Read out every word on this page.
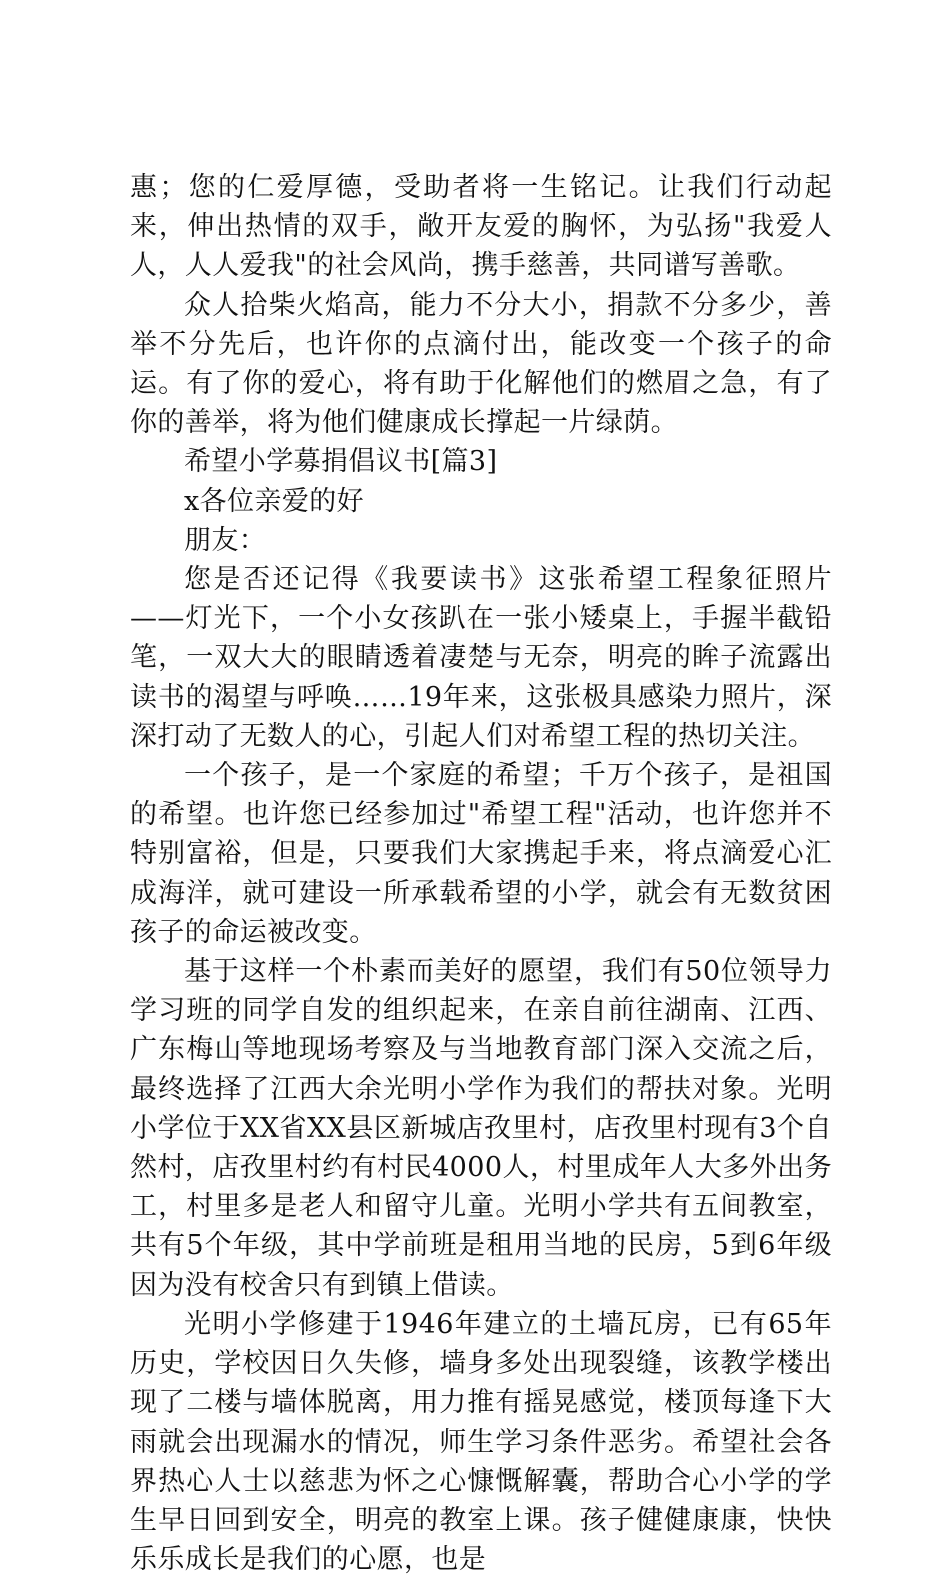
惠；您的仁爱厚德，受助者将一生铭记。让我们行动起来，伸出热情的双手，敞开友爱的胸怀，为弘扬"我爱人人，人人爱我"的社会风尚，携手慈善，共同谱写善歌。

众人拾柴火焰高，能力不分大小，捐款不分多少，善举不分先后，也许你的点滴付出，能改变一个孩子的命运。有了你的爱心，将有助于化解他们的燃眉之急，有了你的善举，将为他们健康成长撑起一片绿荫。

希望小学募捐倡议书[篇3]

x各位亲爱的好

朋友：

您是否还记得《我要读书》这张希望工程象征照片——灯光下，一个小女孩趴在一张小矮桌上，手握半截铅笔，一双大大的眼睛透着凄楚与无奈，明亮的眸子流露出读书的渴望与呼唤……19年来，这张极具感染力照片，深深打动了无数人的心，引起人们对希望工程的热切关注。

一个孩子，是一个家庭的希望；千万个孩子，是祖国的希望。也许您已经参加过"希望工程"活动，也许您并不特别富裕，但是，只要我们大家携起手来，将点滴爱心汇成海洋，就可建设一所承载希望的小学，就会有无数贫困孩子的命运被改变。

基于这样一个朴素而美好的愿望，我们有50位领导力学习班的同学自发的组织起来，在亲自前往湖南、江西、广东梅山等地现场考察及与当地教育部门深入交流之后，最终选择了江西大余光明小学作为我们的帮扶对象。光明小学位于XX省XX县区新城店孜里村，店孜里村现有3个自然村，店孜里村约有村民4000人，村里成年人大多外出务工，村里多是老人和留守儿童。光明小学共有五间教室，共有5个年级，其中学前班是租用当地的民房，5到6年级因为没有校舍只有到镇上借读。

光明小学修建于1946年建立的土墙瓦房，已有65年历史，学校因日久失修，墙身多处出现裂缝，该教学楼出现了二楼与墙体脱离，用力推有摇晃感觉，楼顶每逢下大雨就会出现漏水的情况，师生学习条件恶劣。希望社会各界热心人士以慈悲为怀之心慷慨解囊，帮助合心小学的学生早日回到安全，明亮的教室上课。孩子健健康康，快快乐乐成长是我们的心愿，也是
